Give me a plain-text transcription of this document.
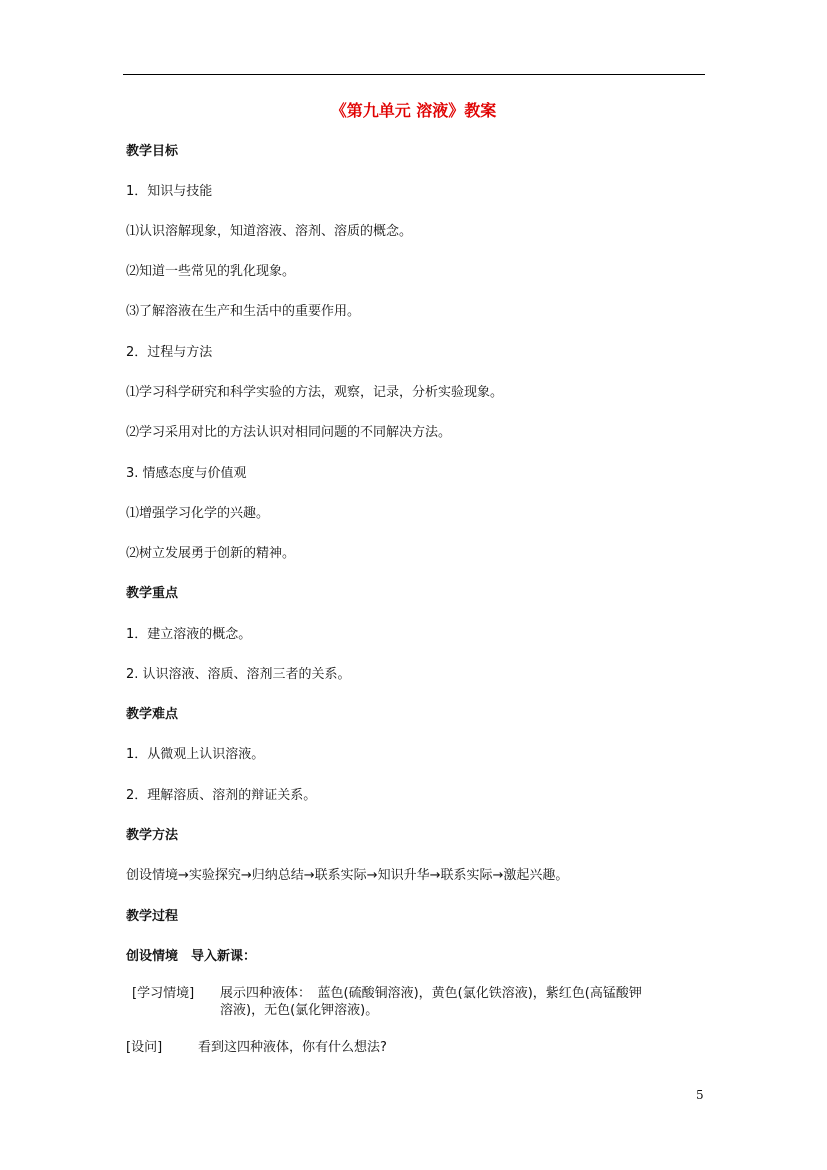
《第九单元 溶液》教案
教学目标
1．知识与技能
⑴认识溶解现象，知道溶液、溶剂、溶质的概念。
⑵知道一些常见的乳化现象。
⑶了解溶液在生产和生活中的重要作用。
2．过程与方法
⑴学习科学研究和科学实验的方法，观察，记录，分析实验现象。
⑵学习采用对比的方法认识对相同问题的不同解决方法。
3. 情感态度与价值观
⑴增强学习化学的兴趣。
⑵树立发展勇于创新的精神。
教学重点
1．建立溶液的概念。
2. 认识溶液、溶质、溶剂三者的关系。
教学难点
1．从微观上认识溶液。
2．理解溶质、溶剂的辩证关系。
教学方法
创设情境→实验探究→归纳总结→联系实际→知识升华→联系实际→激起兴趣。
教学过程
创设情境　导入新课：
[学习情境] 展示四种液体：　蓝色(硫酸铜溶液)，黄色(氯化铁溶液)，紫红色(高锰酸钾
溶液)，无色(氯化钾溶液)。
[设问]	看到这四种液体，你有什么想法?
5
